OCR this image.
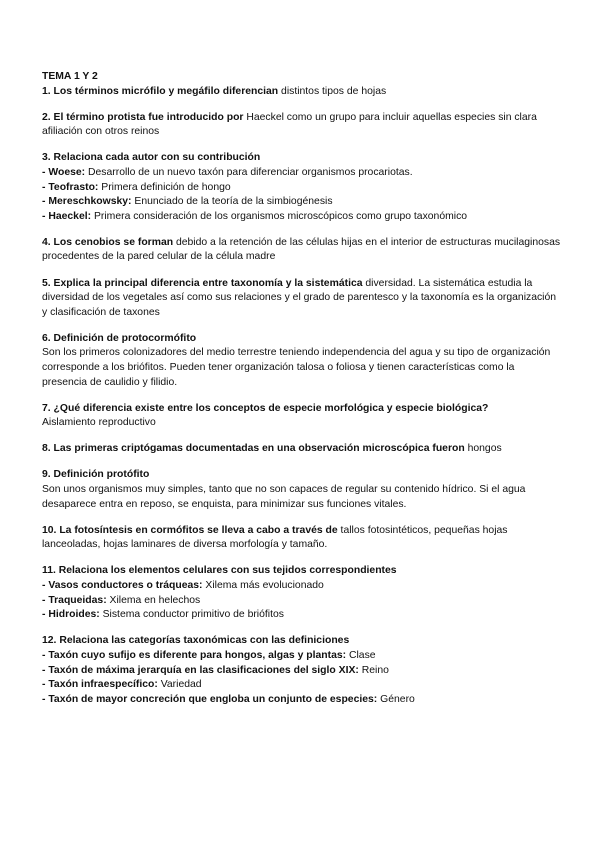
TEMA 1 Y 2
1. Los términos micrófilo y megáfilo diferencian distintos tipos de hojas
2. El término protista fue introducido por Haeckel como un grupo para incluir aquellas especies sin clara afiliación con otros reinos
3. Relaciona cada autor con su contribución
- Woese: Desarrollo de un nuevo taxón para diferenciar organismos procariotas.
- Teofrasto: Primera definición de hongo
- Mereschkowsky: Enunciado de la teoría de la simbiogénesis
- Haeckel: Primera consideración de los organismos microscópicos como grupo taxonómico
4. Los cenobios se forman debido a la retención de las células hijas en el interior de estructuras mucilaginosas procedentes de la pared celular de la célula madre
5. Explica la principal diferencia entre taxonomía y la sistemática diversidad. La sistemática estudia la diversidad de los vegetales así como sus relaciones y el grado de parentesco y la taxonomía es la organización y clasificación de taxones
6. Definición de protocormófito
Son los primeros colonizadores del medio terrestre teniendo independencia del agua y su tipo de organización corresponde a los briófitos. Pueden tener organización talosa o foliosa y tienen características como la presencia de caulidio y filidio.
7. ¿Qué diferencia existe entre los conceptos de especie morfológica y especie biológica?
Aislamiento reproductivo
8. Las primeras criptógamas documentadas en una observación microscópica fueron hongos
9. Definición protófito
Son unos organismos muy simples, tanto que no son capaces de regular su contenido hídrico. Si el agua desaparece entra en reposo, se enquista, para minimizar sus funciones vitales.
10. La fotosíntesis en cormófitos se lleva a cabo a través de tallos fotosintéticos, pequeñas hojas lanceoladas, hojas laminares de diversa morfología y tamaño.
11. Relaciona los elementos celulares con sus tejidos correspondientes
- Vasos conductores o tráqueas: Xilema más evolucionado
- Traqueidas: Xilema en helechos
- Hidroides: Sistema conductor primitivo de briófitos
12. Relaciona las categorías taxonómicas con las definiciones
- Taxón cuyo sufijo es diferente para hongos, algas y plantas: Clase
- Taxón de máxima jerarquía en las clasificaciones del siglo XIX: Reino
- Taxón infraespecífico: Variedad
- Taxón de mayor concreción que engloba un conjunto de especies: Género
